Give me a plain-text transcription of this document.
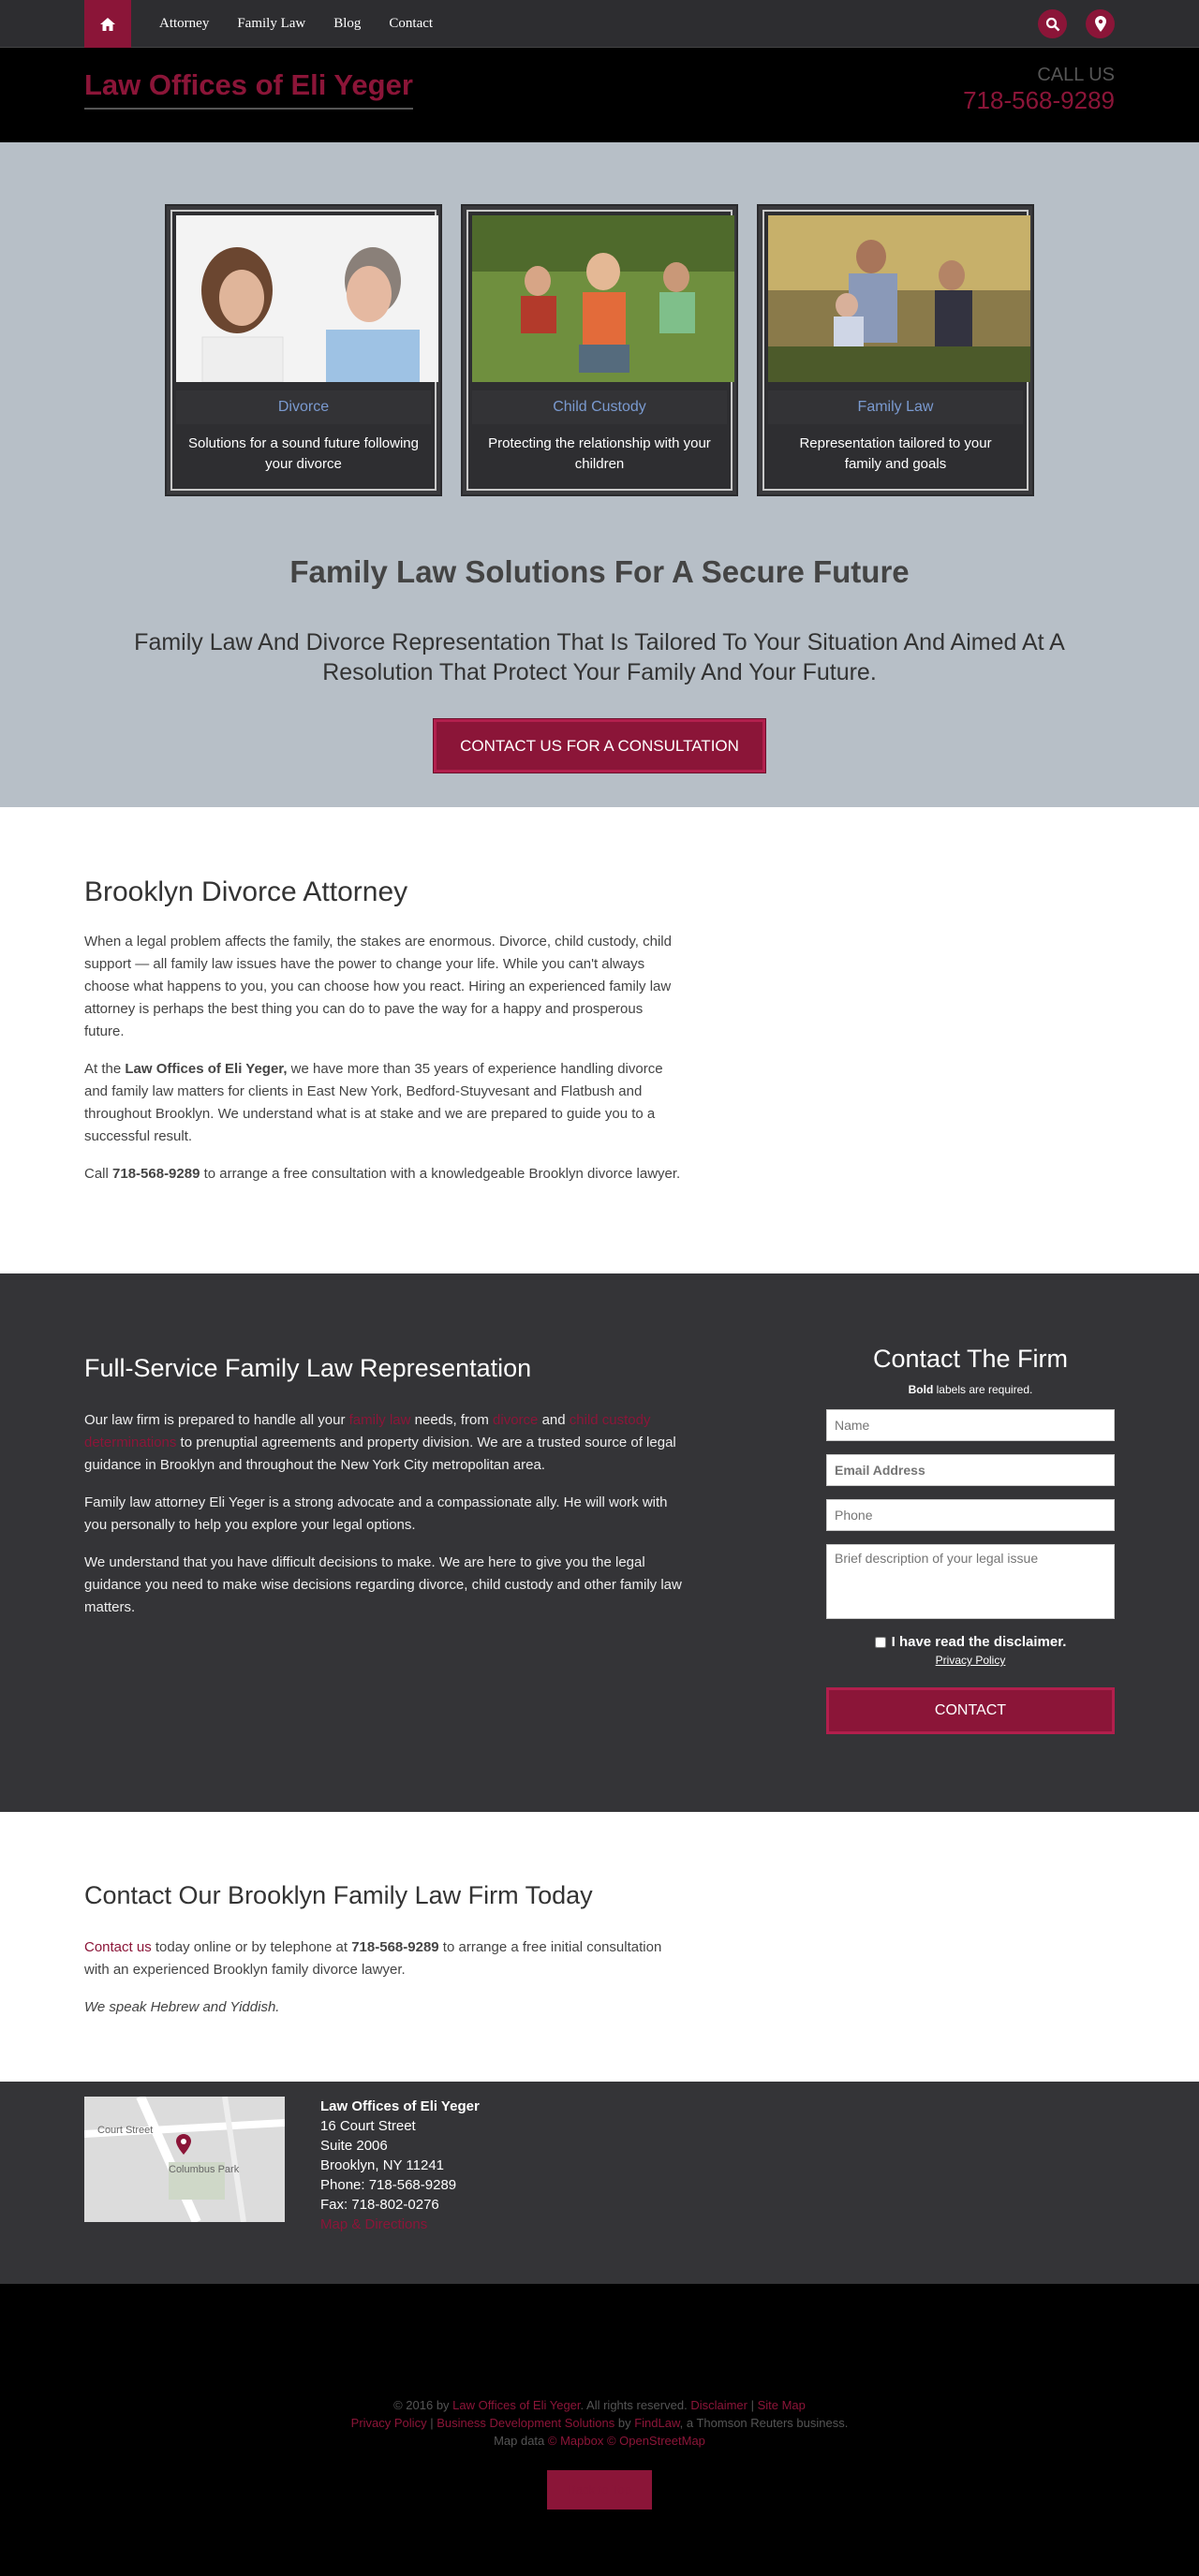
Attorney Family Law Blog Contact
Law Offices of Eli Yeger	CALL US
718-568-9289
Divorce
Solutions for a sound future following your divorce
Child Custody
Protecting the relationship with your children
Family Law
Representation tailored to your family and goals
Family Law Solutions For A Secure Future
Family Law And Divorce Representation That Is Tailored To Your Situation And Aimed At A Resolution That Protect Your Family And Your Future.
CONTACT US FOR A CONSULTATION
Brooklyn Divorce Attorney

When a legal problem affects the family, the stakes are enormous. Divorce, child custody, child support — all family law issues have the power to change your life. While you can't always choose what happens to you, you can choose how you react. Hiring an experienced family law attorney is perhaps the best thing you can do to pave the way for a happy and prosperous future.

At the Law Offices of Eli Yeger, we have more than 35 years of experience handling divorce and family law matters for clients in East New York, Bedford-Stuyvesant and Flatbush and throughout Brooklyn. We understand what is at stake and we are prepared to guide you to a successful result.

Call 718-568-9289 to arrange a free consultation with a knowledgeable Brooklyn divorce lawyer.

Full-Service Family Law Representation

Our law firm is prepared to handle all your family law needs, from divorce and child custody determinations to prenuptial agreements and property division. We are a trusted source of legal guidance in Brooklyn and throughout the New York City metropolitan area.

Family law attorney Eli Yeger is a strong advocate and a compassionate ally. He will work with you personally to help you explore your legal options.

We understand that you have difficult decisions to make. We are here to give you the legal guidance you need to make wise decisions regarding divorce, child custody and other family law matters.

Contact The Firm
Bold labels are required.
Name
Email Address
Phone
Brief description of your legal issue
I have read the disclaimer.
Privacy Policy
CONTACT
Contact Our Brooklyn Family Law Firm Today

Contact us today online or by telephone at 718-568-9289 to arrange a free initial consultation with an experienced Brooklyn family divorce lawyer.

We speak Hebrew and Yiddish.

Court Street
Columbus Park
Law Offices of Eli Yeger
16 Court Street
Suite 2006
Brooklyn, NY 11241
Phone: 718-568-9289
Fax: 718-802-0276
Map & Directions
© 2016 by Law Offices of Eli Yeger. All rights reserved. Disclaimer | Site Map
Privacy Policy | Business Development Solutions by FindLaw, a Thomson Reuters business.
Map data © Mapbox © OpenStreetMap
Back to Top
